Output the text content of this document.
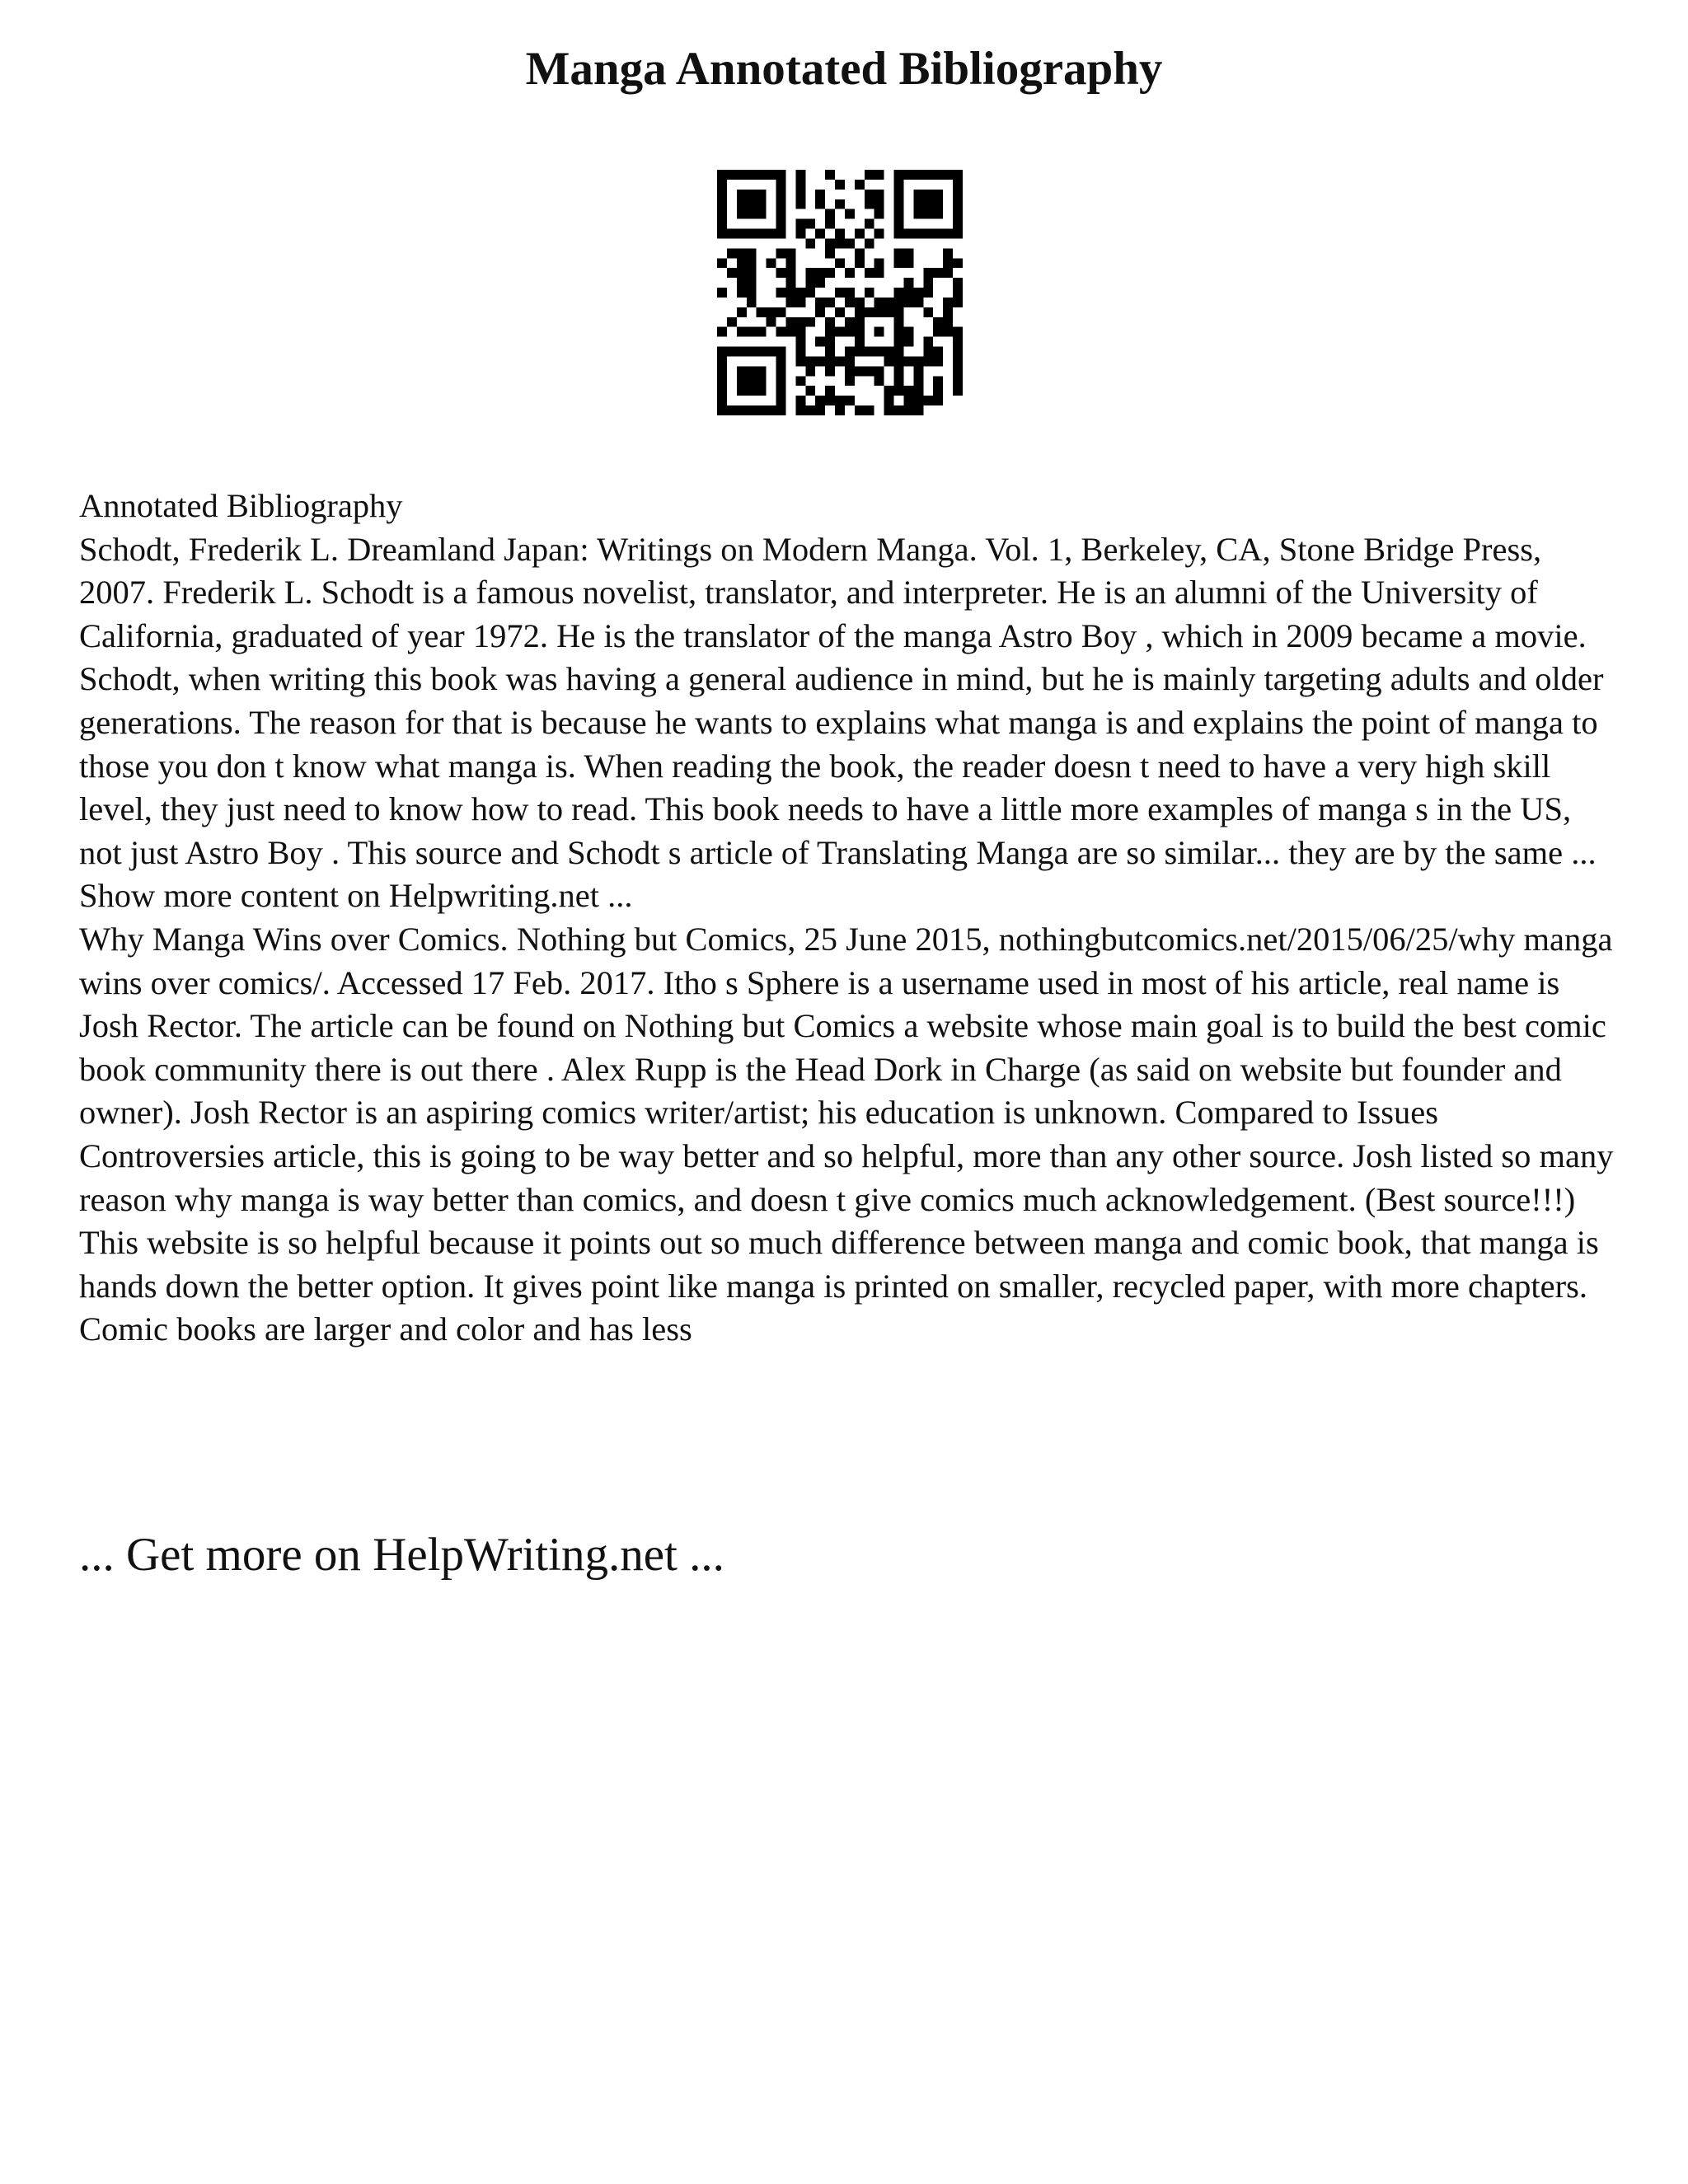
Manga Annotated Bibliography

Annotated Bibliography

Schodt, Frederik L. Dreamland Japan: Writings on Modern Manga. Vol. 1, Berkeley, CA, Stone Bridge Press, 2007. Frederik L. Schodt is a famous novelist, translator, and interpreter. He is an alumni of the University of California, graduated of year 1972. He is the translator of the manga Astro Boy , which in 2009 became a movie. Schodt, when writing this book was having a general audience in mind, but he is mainly targeting adults and older generations. The reason for that is because he wants to explains what manga is and explains the point of manga to those you don t know what manga is. When reading the book, the reader doesn t need to have a very high skill level, they just need to know how to read. This book needs to have a little more examples of manga s in the US, not just Astro Boy . This source and Schodt s article of Translating Manga are so similar... they are by the same ... Show more content on Helpwriting.net ...

Why Manga Wins over Comics. Nothing but Comics, 25 June 2015, nothingbutcomics.net/2015/06/25/why manga wins over comics/. Accessed 17 Feb. 2017. Itho s Sphere is a username used in most of his article, real name is Josh Rector. The article can be found on Nothing but Comics a website whose main goal is to build the best comic book community there is out there . Alex Rupp is the Head Dork in Charge (as said on website but founder and owner). Josh Rector is an aspiring comics writer/artist; his education is unknown. Compared to Issues Controversies article, this is going to be way better and so helpful, more than any other source. Josh listed so many reason why manga is way better than comics, and doesn t give comics much acknowledgement. (Best source!!!) This website is so helpful because it points out so much difference between manga and comic book, that manga is hands down the better option. It gives point like manga is printed on smaller, recycled paper, with more chapters. Comic books are larger and color and has less

... Get more on HelpWriting.net ...
